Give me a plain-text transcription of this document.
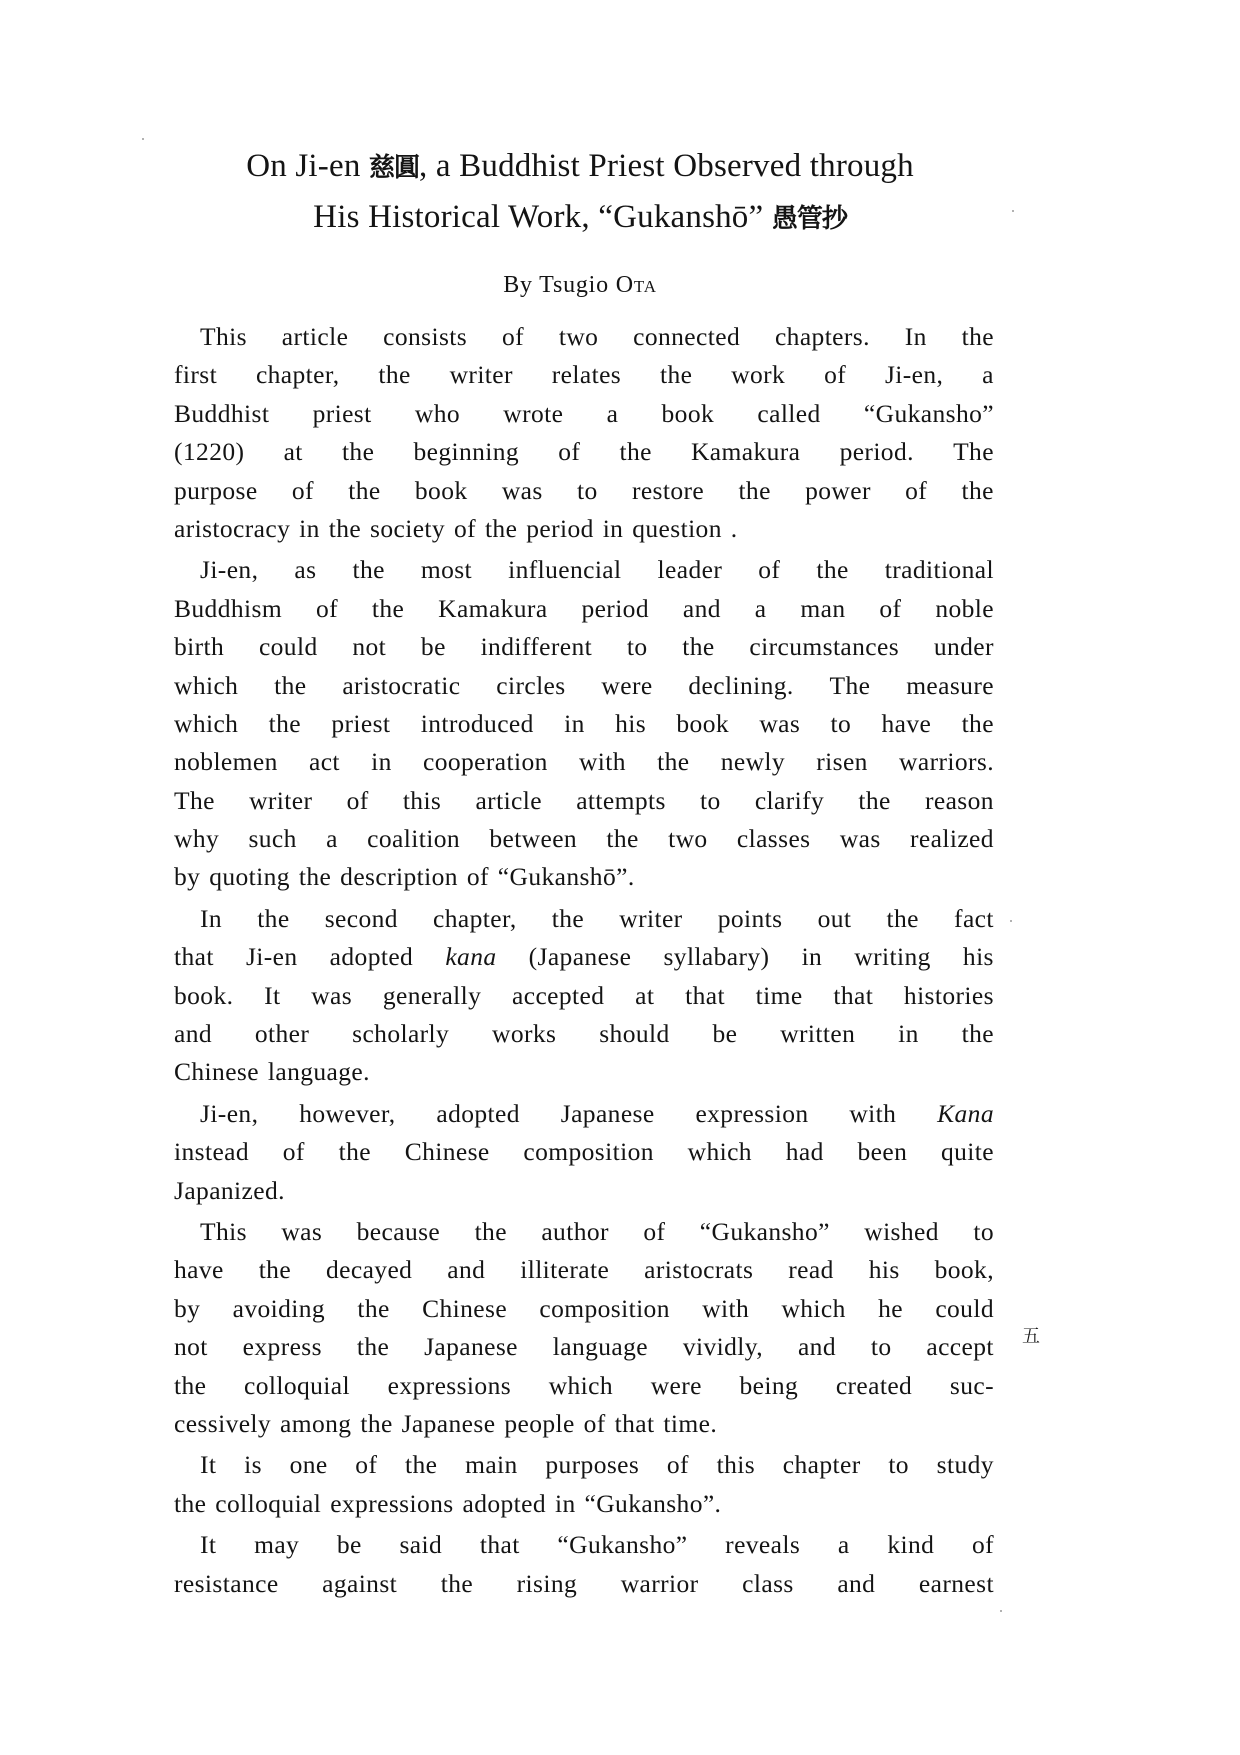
On Ji-en 慈圓, a Buddhist Priest Observed through
His Historical Work, “Gukanshō” 愚管抄
By Tsugio Ota
This article consists of two connected chapters. In the
first chapter, the writer relates the work of Ji-en, a
Buddhist priest who wrote a book called “Gukansho”
(1220) at the beginning of the Kamakura period. The
purpose of the book was to restore the power of the
aristocracy in the society of the period in question .
Ji-en, as the most influencial leader of the traditional
Buddhism of the Kamakura period and a man of noble
birth could not be indifferent to the circumstances under
which the aristocratic circles were declining. The measure
which the priest introduced in his book was to have the
noblemen act in cooperation with the newly risen warriors.
The writer of this article attempts to clarify the reason
why such a coalition between the two classes was realized
by quoting the description of “Gukanshō”.
In the second chapter, the writer points out the fact
that Ji-en adopted kana (Japanese syllabary) in writing his
book. It was generally accepted at that time that histories
and other scholarly works should be written in the
Chinese language.
Ji-en, however, adopted Japanese expression with Kana
instead of the Chinese composition which had been quite
Japanized.
This was because the author of “Gukansho” wished to
have the decayed and illiterate aristocrats read his book,
by avoiding the Chinese composition with which he could
not express the Japanese language vividly, and to accept
the colloquial expressions which were being created suc-
cessively among the Japanese people of that time.
It is one of the main purposes of this chapter to study
the colloquial expressions adopted in “Gukansho”.
It may be said that “Gukansho” reveals a kind of
resistance against the rising warrior class and earnest
五
